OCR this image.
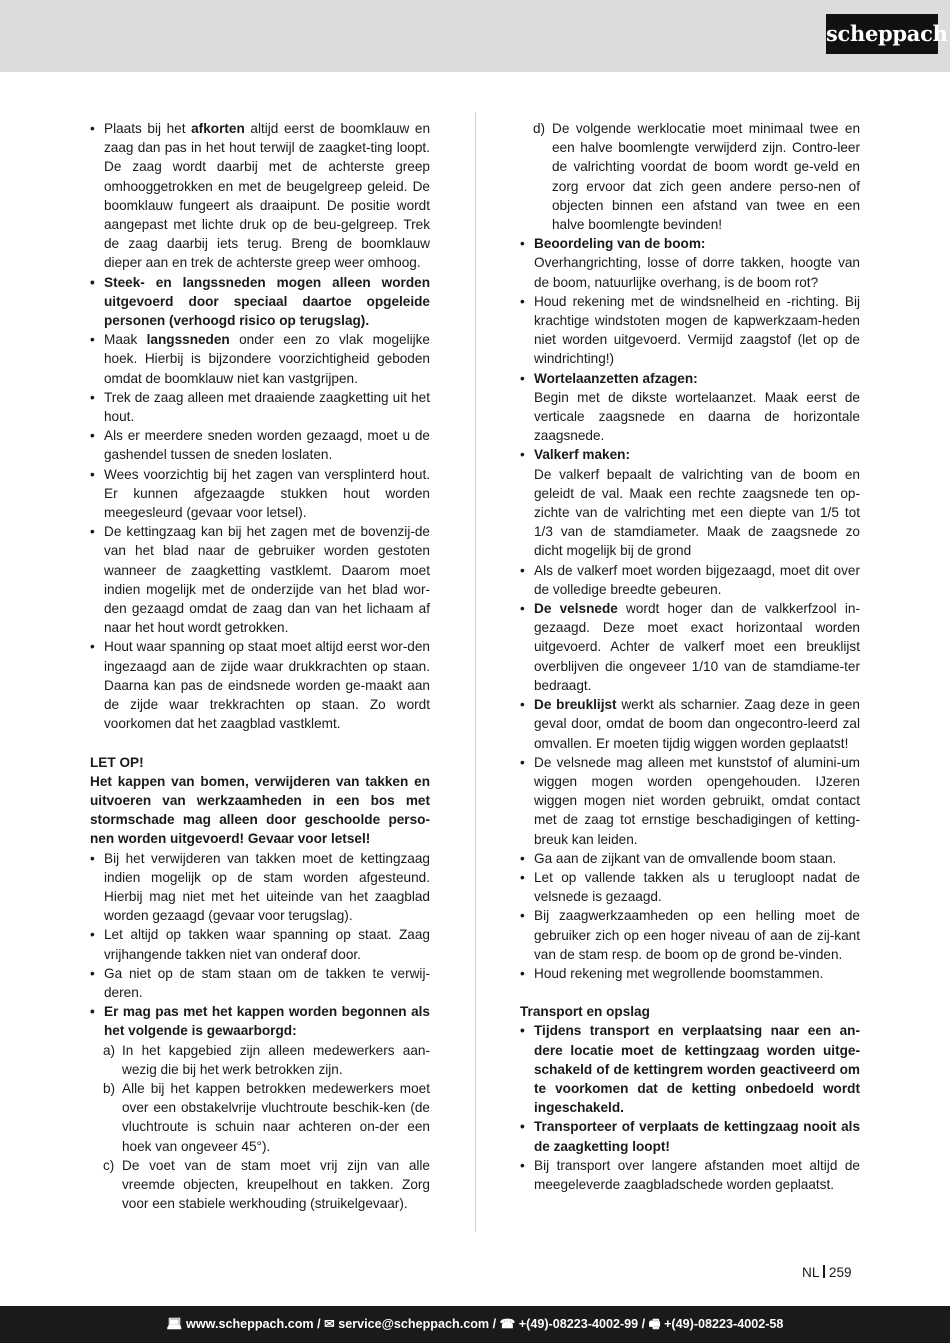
scheppach
• Plaats bij het afkorten altijd eerst de boomklauw en zaag dan pas in het hout terwijl de zaagket-ting loopt. De zaag wordt daarbij met de achterste greep omhooggetrokken en met de beugelgreep geleid. De boomklauw fungeert als draaipunt. De positie wordt aangepast met lichte druk op de beu-gelgreep. Trek de zaag daarbij iets terug. Breng de boomklauw dieper aan en trek de achterste greep weer omhoog.
• Steek- en langssneden mogen alleen worden uitgevoerd door speciaal daartoe opgeleide personen (verhoogd risico op terugslag).
• Maak langssneden onder een zo vlak mogelijke hoek. Hierbij is bijzondere voorzichtigheid geboden omdat de boomklauw niet kan vastgrijpen.
• Trek de zaag alleen met draaiende zaagketting uit het hout.
• Als er meerdere sneden worden gezaagd, moet u de gashendel tussen de sneden loslaten.
• Wees voorzichtig bij het zagen van versplinterd hout. Er kunnen afgezaagde stukken hout worden meegesleurd (gevaar voor letsel).
• De kettingzaag kan bij het zagen met de bovenzij-de van het blad naar de gebruiker worden gestoten wanneer de zaagketting vastklemt. Daarom moet indien mogelijk met de onderzijde van het blad wor-den gezaagd omdat de zaag dan van het lichaam af naar het hout wordt getrokken.
• Hout waar spanning op staat moet altijd eerst wor-den ingezaagd aan de zijde waar drukkrachten op staan. Daarna kan pas de eindsnede worden ge-maakt aan de zijde waar trekkrachten op staan. Zo wordt voorkomen dat het zaagblad vastklemt.
LET OP!
Het kappen van bomen, verwijderen van takken en uitvoeren van werkzaamheden in een bos met stormschade mag alleen door geschoolde perso-nen worden uitgevoerd! Gevaar voor letsel!
• Bij het verwijderen van takken moet de kettingzaag indien mogelijk op de stam worden afgesteund. Hierbij mag niet met het uiteinde van het zaagblad worden gezaagd (gevaar voor terugslag).
• Let altijd op takken waar spanning op staat. Zaag vrijhangende takken niet van onderaf door.
• Ga niet op de stam staan om de takken te verwij-deren.
• Er mag pas met het kappen worden begonnen als het volgende is gewaarborgd:
a) In het kapgebied zijn alleen medewerkers aan-wezig die bij het werk betrokken zijn.
b) Alle bij het kappen betrokken medewerkers moet over een obstakelvrije vluchtroute beschik-ken (de vluchtroute is schuin naar achteren on-der een hoek van ongeveer 45°).
c) De voet van de stam moet vrij zijn van alle vreemde objecten, kreupelhout en takken. Zorg voor een stabiele werkhouding (struikelgevaar).
d) De volgende werklocatie moet minimaal twee en een halve boomlengte verwijderd zijn. Contro-leer de valrichting voordat de boom wordt ge-veld en zorg ervoor dat zich geen andere perso-nen of objecten binnen een afstand van twee en een halve boomlengte bevinden!
• Beoordeling van de boom:
Overhangrichting, losse of dorre takken, hoogte van de boom, natuurlijke overhang, is de boom rot?
• Houd rekening met de windsnelheid en -richting. Bij krachtige windstoten mogen de kapwerkzaam-heden niet worden uitgevoerd. Vermijd zaagstof (let op de windrichting!)
• Wortelaanzetten afzagen:
Begin met de dikste wortelaanzet. Maak eerst de verticale zaagsnede en daarna de horizontale zaagsnede.
• Valkerf maken:
De valkerf bepaalt de valrichting van de boom en geleidt de val. Maak een rechte zaagsnede ten op-zichte van de valrichting met een diepte van 1/5 tot 1/3 van de stamdiameter. Maak de zaagsnede zo dicht mogelijk bij de grond
• Als de valkerf moet worden bijgezaagd, moet dit over de volledige breedte gebeuren.
• De velsnede wordt hoger dan de valkkerfzool in-gezaagd. Deze moet exact horizontaal worden uitgevoerd. Achter de valkerf moet een breuklijst overblijven die ongeveer 1/10 van de stamdiame-ter bedraagt.
• De breuklijst werkt als scharnier. Zaag deze in geen geval door, omdat de boom dan ongecontro-leerd zal omvallen. Er moeten tijdig wiggen worden geplaatst!
• De velsnede mag alleen met kunststof of alumini-um wiggen mogen worden opengehouden. IJzeren wiggen mogen niet worden gebruikt, omdat contact met de zaag tot ernstige beschadigingen of ketting-breuk kan leiden.
• Ga aan de zijkant van de omvallende boom staan.
• Let op vallende takken als u terugloopt nadat de velsnede is gezaagd.
• Bij zaagwerkzaamheden op een helling moet de gebruiker zich op een hoger niveau of aan de zij-kant van de stam resp. de boom op de grond be-vinden.
• Houd rekening met wegrollende boomstammen.
Transport en opslag
• Tijdens transport en verplaatsing naar een an-dere locatie moet de kettingzaag worden uitge-schakeld of de kettingrem worden geactiveerd om te voorkomen dat de ketting onbedoeld wordt ingeschakeld.
• Transporteer of verplaats de kettingzaag nooit als de zaagketting loopt!
• Bij transport over langere afstanden moet altijd de meegeleverde zaagbladschede worden geplaatst.
NL 259
💻︎ www.scheppach.com / ✉ service@scheppach.com / ☎ +(49)-08223-4002-99 / 🖷︎ +(49)-08223-4002-58
